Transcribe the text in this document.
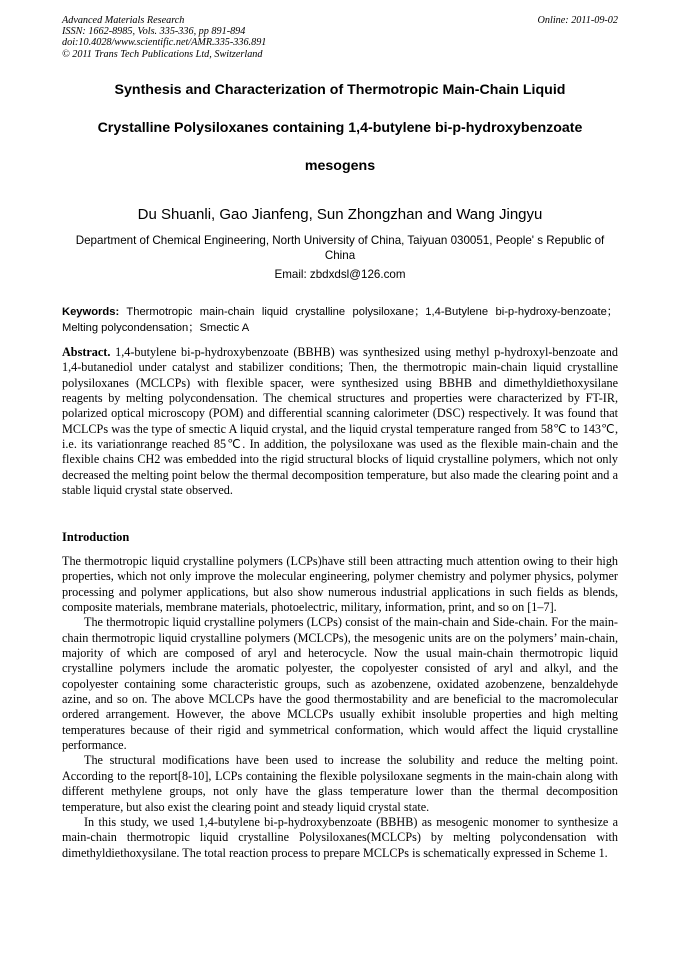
Advanced Materials Research
ISSN: 1662-8985, Vols. 335-336, pp 891-894
doi:10.4028/www.scientific.net/AMR.335-336.891
© 2011 Trans Tech Publications Ltd, Switzerland
Online: 2011-09-02
Synthesis and Characterization of Thermotropic Main-Chain Liquid
Crystalline Polysiloxanes containing 1,4-butylene bi-p-hydroxybenzoate
mesogens
Du Shuanli, Gao Jianfeng, Sun Zhongzhan and Wang Jingyu
Department of Chemical Engineering, North University of China, Taiyuan 030051, People' s Republic of China
Email: zbdxdsl@126.com
Keywords: Thermotropic main-chain liquid crystalline polysiloxane；1,4-Butylene bi-p-hydroxy-benzoate；Melting polycondensation；Smectic A
Abstract. 1,4-butylene bi-p-hydroxybenzoate (BBHB) was synthesized using methyl p-hydroxyl-benzoate and 1,4-butanediol under catalyst and stabilizer conditions; Then, the thermotropic main-chain liquid crystalline polysiloxanes (MCLCPs) with flexible spacer, were synthesized using BBHB and dimethyldiethoxysilane reagents by melting polycondensation. The chemical structures and properties were characterized by FT-IR, polarized optical microscopy (POM) and differential scanning calorimeter (DSC) respectively. It was found that MCLCPs was the type of smectic A liquid crystal, and the liquid crystal temperature ranged from 58℃ to 143℃, i.e. its variationrange reached 85℃. In addition, the polysiloxane was used as the flexible main-chain and the flexible chains CH2 was embedded into the rigid structural blocks of liquid crystalline polymers, which not only decreased the melting point below the thermal decomposition temperature, but also made the clearing point and a stable liquid crystal state observed.
Introduction

The thermotropic liquid crystalline polymers (LCPs)have still been attracting much attention owing to their high properties, which not only improve the molecular engineering, polymer chemistry and polymer physics, polymer processing and polymer applications, but also show numerous industrial applications in such fields as blends, composite materials, membrane materials, photoelectric, military, information, print, and so on [1–7].

The thermotropic liquid crystalline polymers (LCPs) consist of the main-chain and Side-chain. For the main-chain thermotropic liquid crystalline polymers (MCLCPs), the mesogenic units are on the polymers’ main-chain, majority of which are composed of aryl and heterocycle. Now the usual main-chain thermotropic liquid crystalline polymers include the aromatic polyester, the copolyester consisted of aryl and alkyl, and the copolyester containing some characteristic groups, such as azobenzene, oxidated azobenzene, benzaldehyde azine, and so on. The above MCLCPs have the good thermostability and are beneficial to the macromolecular ordered arrangement. However, the above MCLCPs usually exhibit insoluble properties and high melting temperatures because of their rigid and symmetrical conformation, which would affect the liquid crystalline performance.

The structural modifications have been used to increase the solubility and reduce the melting point. According to the report[8-10], LCPs containing the flexible polysiloxane segments in the main-chain along with different methylene groups, not only have the glass temperature lower than the thermal decomposition temperature, but also exist the clearing point and steady liquid crystal state.

In this study, we used 1,4-butylene bi-p-hydroxybenzoate (BBHB) as mesogenic monomer to synthesize a main-chain thermotropic liquid crystalline Polysiloxanes(MCLCPs) by melting polycondensation with dimethyldiethoxysilane. The total reaction process to prepare MCLCPs is schematically expressed in Scheme 1.
